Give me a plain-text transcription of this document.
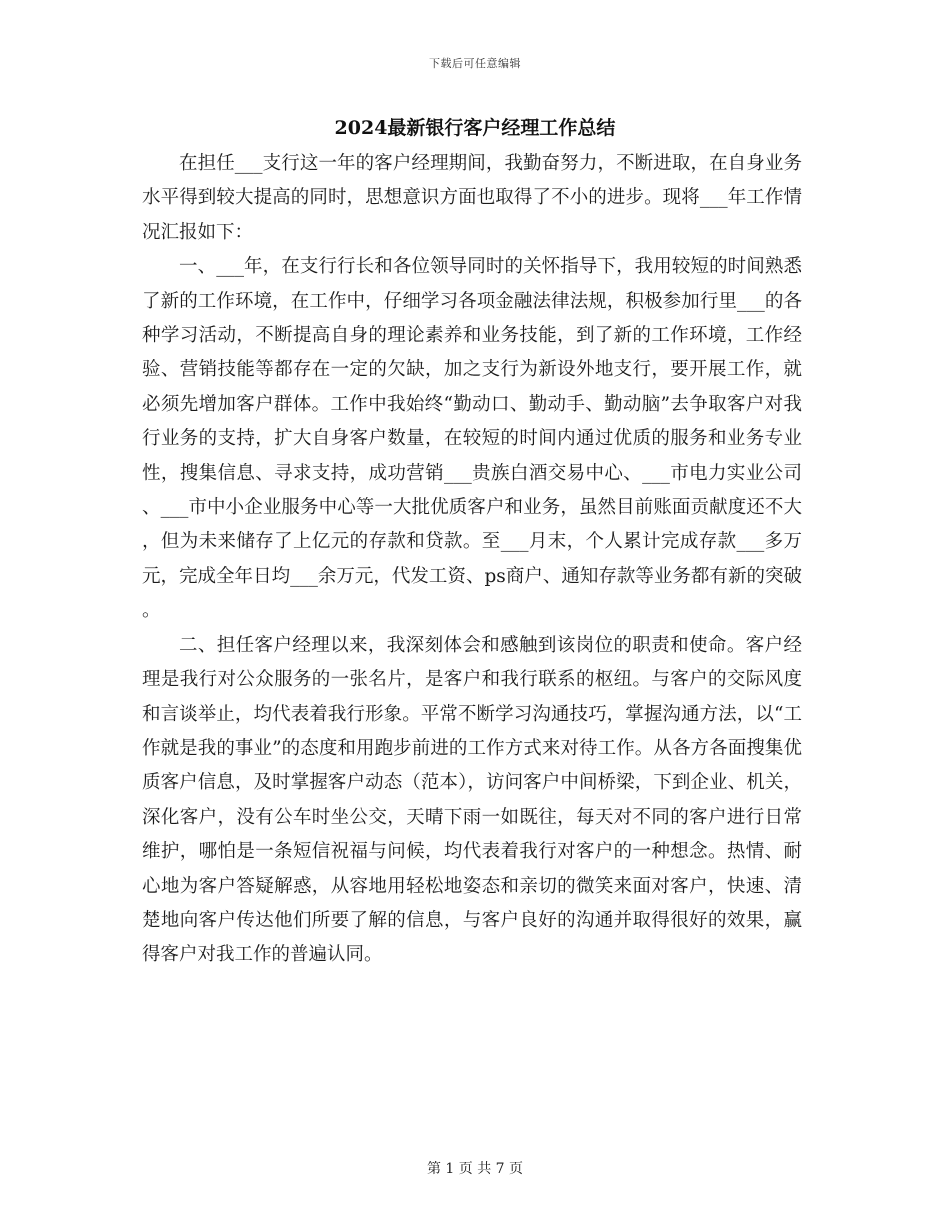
下载后可任意编辑
2024最新银行客户经理工作总结

在担任___支行这一年的客户经理期间，我勤奋努力，不断进取，在自身业务水平得到较大提高的同时，思想意识方面也取得了不小的进步。现将___年工作情况汇报如下：

一、___年，在支行行长和各位领导同时的关怀指导下，我用较短的时间熟悉了新的工作环境，在工作中，仔细学习各项金融法律法规，积极参加行里___的各种学习活动，不断提高自身的理论素养和业务技能，到了新的工作环境，工作经验、营销技能等都存在一定的欠缺，加之支行为新设外地支行，要开展工作，就必须先增加客户群体。工作中我始终“勤动口、勤动手、勤动脑”去争取客户对我行业务的支持，扩大自身客户数量，在较短的时间内通过优质的服务和业务专业性，搜集信息、寻求支持，成功营销___贵族白酒交易中心、___市电力实业公司、___市中小企业服务中心等一大批优质客户和业务，虽然目前账面贡献度还不大，但为未来储存了上亿元的存款和贷款。至___月末，个人累计完成存款___多万元，完成全年日均___余万元，代发工资、ps商户、通知存款等业务都有新的突破。

二、担任客户经理以来，我深刻体会和感触到该岗位的职责和使命。客户经理是我行对公众服务的一张名片，是客户和我行联系的枢纽。与客户的交际风度和言谈举止，均代表着我行形象。平常不断学习沟通技巧，掌握沟通方法，以“工作就是我的事业”的态度和用跑步前进的工作方式来对待工作。从各方各面搜集优质客户信息，及时掌握客户动态（范本），访问客户中间桥梁，下到企业、机关，深化客户，没有公车时坐公交，天晴下雨一如既往，每天对不同的客户进行日常维护，哪怕是一条短信祝福与问候，均代表着我行对客户的一种想念。热情、耐心地为客户答疑解惑，从容地用轻松地姿态和亲切的微笑来面对客户，快速、清楚地向客户传达他们所要了解的信息，与客户良好的沟通并取得很好的效果，赢得客户对我工作的普遍认同。

第 1 页 共 7 页
